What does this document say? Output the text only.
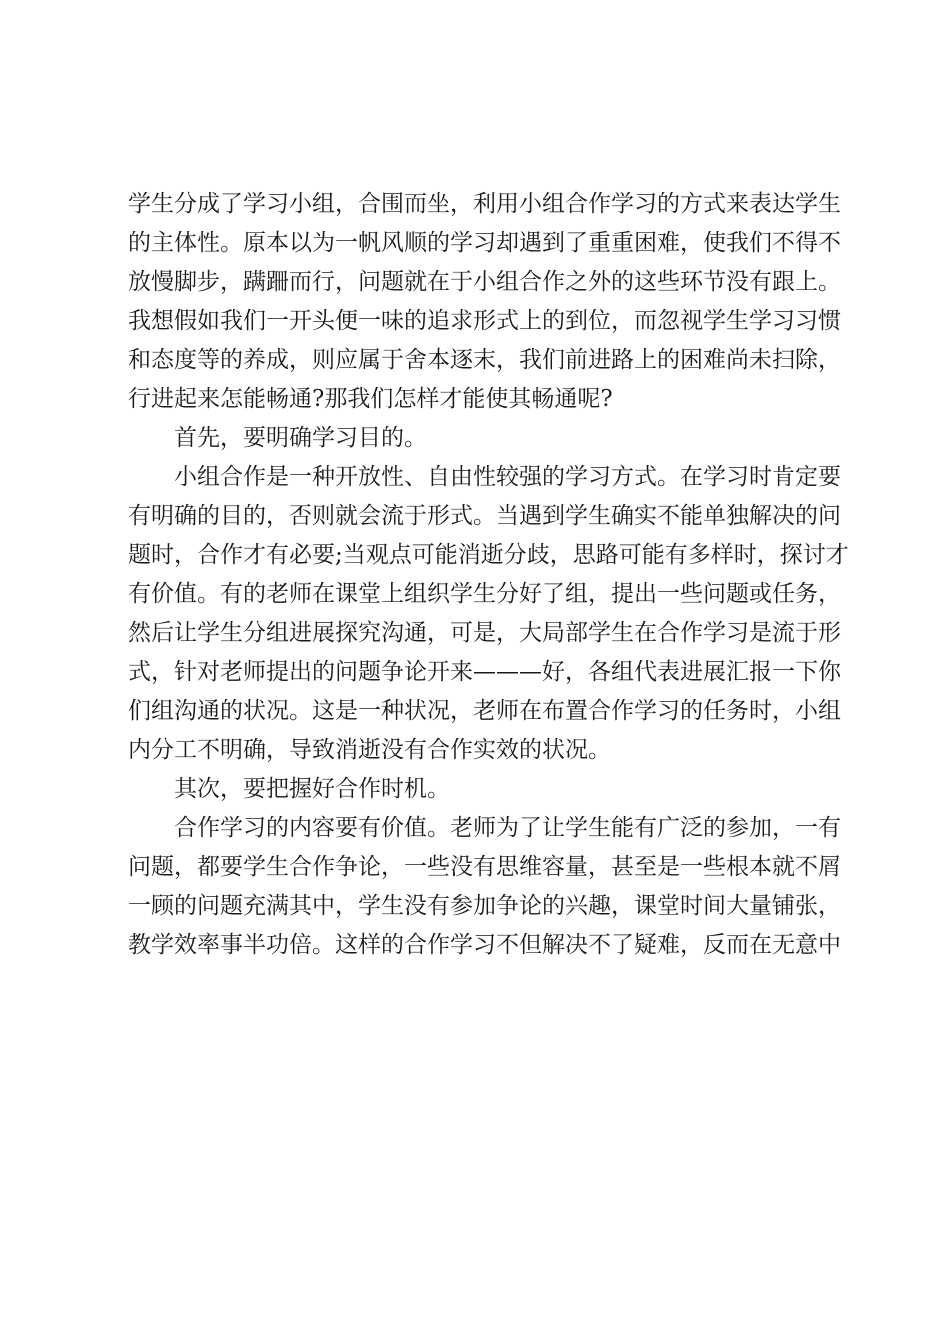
学生分成了学习小组，合围而坐，利用小组合作学习的方式来表达学生
的主体性。原本以为一帆风顺的学习却遇到了重重困难，使我们不得不
放慢脚步，蹒跚而行，问题就在于小组合作之外的这些环节没有跟上。
我想假如我们一开头便一味的追求形式上的到位，而忽视学生学习习惯
和态度等的养成，则应属于舍本逐末，我们前进路上的困难尚未扫除，
行进起来怎能畅通?那我们怎样才能使其畅通呢?

首先，要明确学习目的。

小组合作是一种开放性、自由性较强的学习方式。在学习时肯定要
有明确的目的，否则就会流于形式。当遇到学生确实不能单独解决的问
题时，合作才有必要;当观点可能消逝分歧，思路可能有多样时，探讨才
有价值。有的老师在课堂上组织学生分好了组，提出一些问题或任务，
然后让学生分组进展探究沟通，可是，大局部学生在合作学习是流于形
式，针对老师提出的问题争论开来———好，各组代表进展汇报一下你
们组沟通的状况。这是一种状况，老师在布置合作学习的任务时，小组
内分工不明确，导致消逝没有合作实效的状况。

其次，要把握好合作时机。

合作学习的内容要有价值。老师为了让学生能有广泛的参加，一有
问题，都要学生合作争论，一些没有思维容量，甚至是一些根本就不屑
一顾的问题充满其中，学生没有参加争论的兴趣，课堂时间大量铺张，
教学效率事半功倍。这样的合作学习不但解决不了疑难，反而在无意中
